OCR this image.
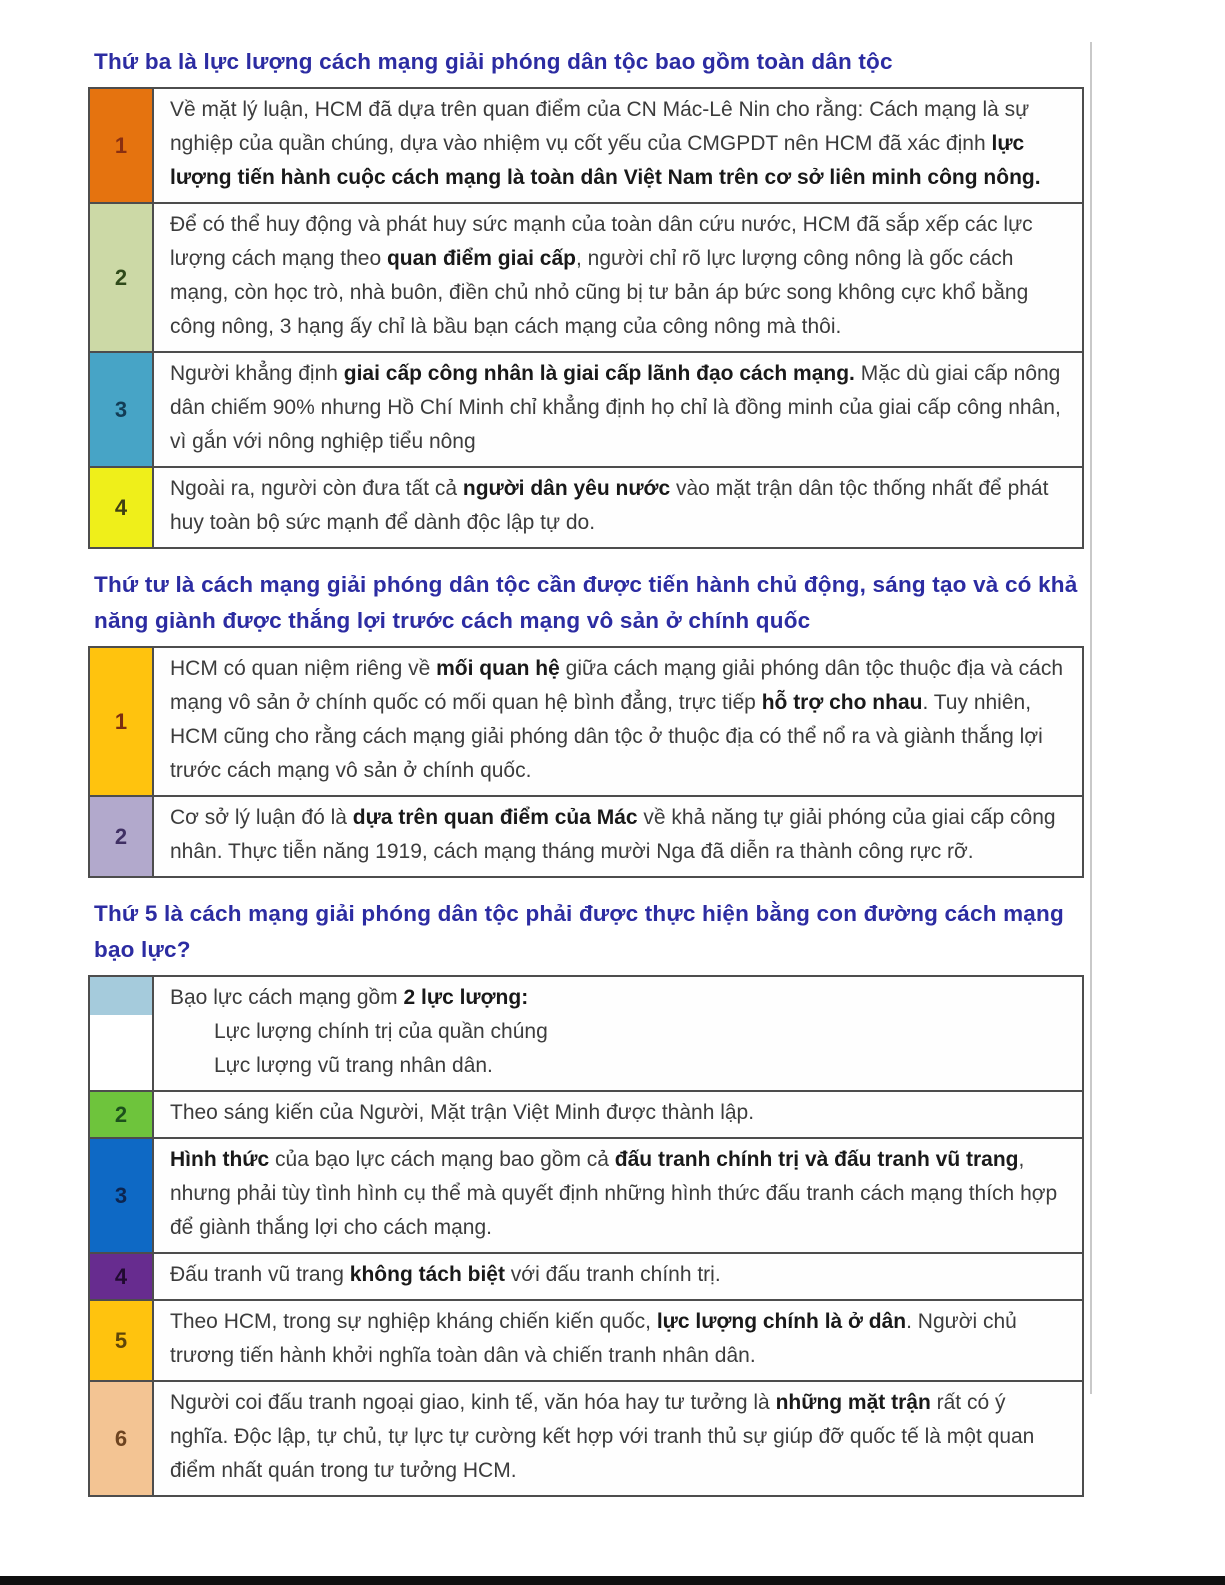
Thứ ba là lực lượng cách mạng giải phóng dân tộc bao gồm toàn dân tộc
1
Về mặt lý luận, HCM đã dựa trên quan điểm của CN Mác-Lê Nin cho rằng: Cách mạng là sự nghiệp của quần chúng, dựa vào nhiệm vụ cốt yếu của CMGPDT nên HCM đã xác định lực lượng tiến hành cuộc cách mạng là toàn dân Việt Nam trên cơ sở liên minh công nông.
2
Để có thể huy động và phát huy sức mạnh của toàn dân cứu nước, HCM đã sắp xếp các lực lượng cách mạng theo quan điểm giai cấp, người chỉ rõ lực lượng công nông là gốc cách mạng, còn học trò, nhà buôn, điền chủ nhỏ cũng bị tư bản áp bức song không cực khổ bằng công nông, 3 hạng ấy chỉ là bầu bạn cách mạng của công nông mà thôi.
3
Người khẳng định giai cấp công nhân là giai cấp lãnh đạo cách mạng. Mặc dù giai cấp nông dân chiếm 90% nhưng Hồ Chí Minh chỉ khẳng định họ chỉ là đồng minh của giai cấp công nhân, vì gắn với nông nghiệp tiểu nông
4
Ngoài ra, người còn đưa tất cả người dân yêu nước vào mặt trận dân tộc thống nhất để phát huy toàn bộ sức mạnh để dành độc lập tự do.
Thứ tư là cách mạng giải phóng dân tộc cần được tiến hành chủ động, sáng tạo và có khả năng giành được thắng lợi trước cách mạng vô sản ở chính quốc
1
HCM có quan niệm riêng về mối quan hệ giữa cách mạng giải phóng dân tộc thuộc địa và cách mạng vô sản ở chính quốc có mối quan hệ bình đẳng, trực tiếp hỗ trợ cho nhau. Tuy nhiên, HCM cũng cho rằng cách mạng giải phóng dân tộc ở thuộc địa có thể nổ ra và giành thắng lợi trước cách mạng vô sản ở chính quốc.
2
Cơ sở lý luận đó là dựa trên quan điểm của Mác về khả năng tự giải phóng của giai cấp công nhân. Thực tiễn năng 1919, cách mạng tháng mười Nga đã diễn ra thành công rực rỡ.
Thứ 5 là cách mạng giải phóng dân tộc phải được thực hiện bằng con đường cách mạng bạo lực?
Bạo lực cách mạng gồm 2 lực lượng:
Lực lượng chính trị của quần chúng
Lực lượng vũ trang nhân dân.
2	Theo sáng kiến của Người, Mặt trận Việt Minh được thành lập.
3
Hình thức của bạo lực cách mạng bao gồm cả đấu tranh chính trị và đấu tranh vũ trang, nhưng phải tùy tình hình cụ thể mà quyết định những hình thức đấu tranh cách mạng thích hợp để giành thắng lợi cho cách mạng.
4	Đấu tranh vũ trang không tách biệt với đấu tranh chính trị.
5
Theo HCM, trong sự nghiệp kháng chiến kiến quốc, lực lượng chính là ở dân. Người chủ trương tiến hành khởi nghĩa toàn dân và chiến tranh nhân dân.
6
Người coi đấu tranh ngoại giao, kinh tế, văn hóa hay tư tưởng là những mặt trận rất có ý nghĩa. Độc lập, tự chủ, tự lực tự cường kết hợp với tranh thủ sự giúp đỡ quốc tế là một quan điểm nhất quán trong tư tưởng HCM.
